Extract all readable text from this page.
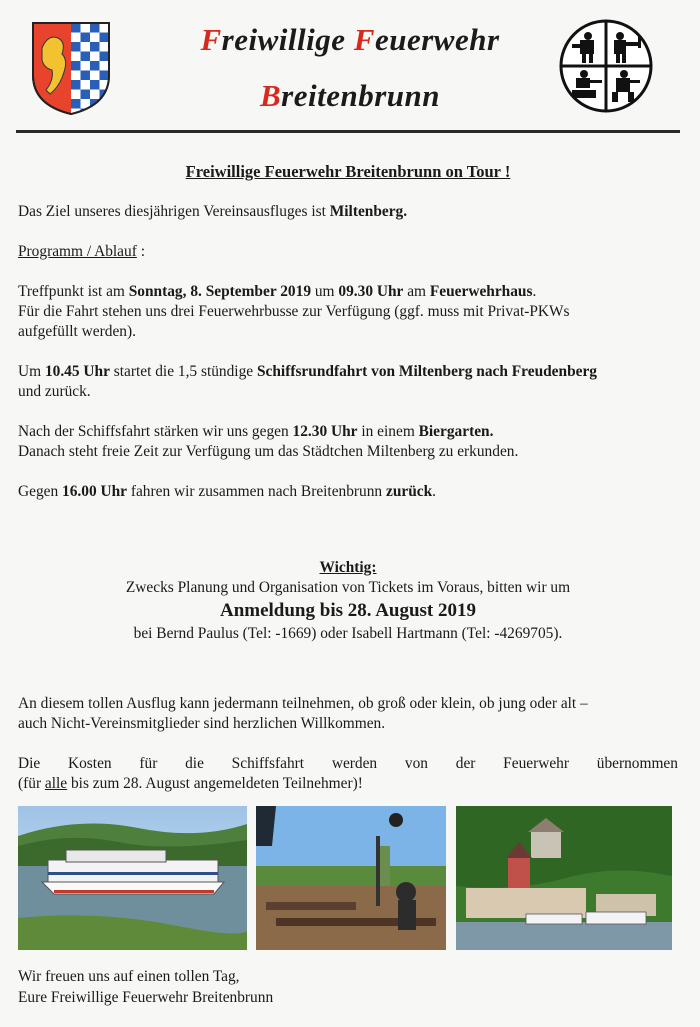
Freiwillige Feuerwehr
Breitenbrunn
Freiwillige Feuerwehr Breitenbrunn on Tour !

Das Ziel unseres diesjährigen Vereinsausfluges ist Miltenberg.

Programm / Ablauf :

Treffpunkt ist am Sonntag, 8. September 2019 um 09.30 Uhr am Feuerwehrhaus.

Für die Fahrt stehen uns drei Feuerwehrbusse zur Verfügung (ggf. muss mit Privat-PKWs

aufgefüllt werden).

Um 10.45 Uhr startet die 1,5 stündige Schiffsrundfahrt von Miltenberg nach Freudenberg

und zurück.

Nach der Schiffsfahrt stärken wir uns gegen 12.30 Uhr in einem Biergarten.

Danach steht freie Zeit zur Verfügung um das Städtchen Miltenberg zu erkunden.

Gegen 16.00 Uhr fahren wir zusammen nach Breitenbrunn zurück.

Wichtig:

Zwecks Planung und Organisation von Tickets im Voraus, bitten wir um

Anmeldung bis 28. August 2019

bei Bernd Paulus (Tel: -1669) oder Isabell Hartmann (Tel: -4269705).

An diesem tollen Ausflug kann jedermann teilnehmen, ob groß oder klein, ob jung oder alt –

auch Nicht-Vereinsmitglieder sind herzlichen Willkommen.

Die Kosten für die Schiffsfahrt werden von der Feuerwehr übernommen

(für alle bis zum 28. August angemeldeten Teilnehmer)!

Wir freuen uns auf einen tollen Tag,
Eure Freiwillige Feuerwehr Breitenbrunn
